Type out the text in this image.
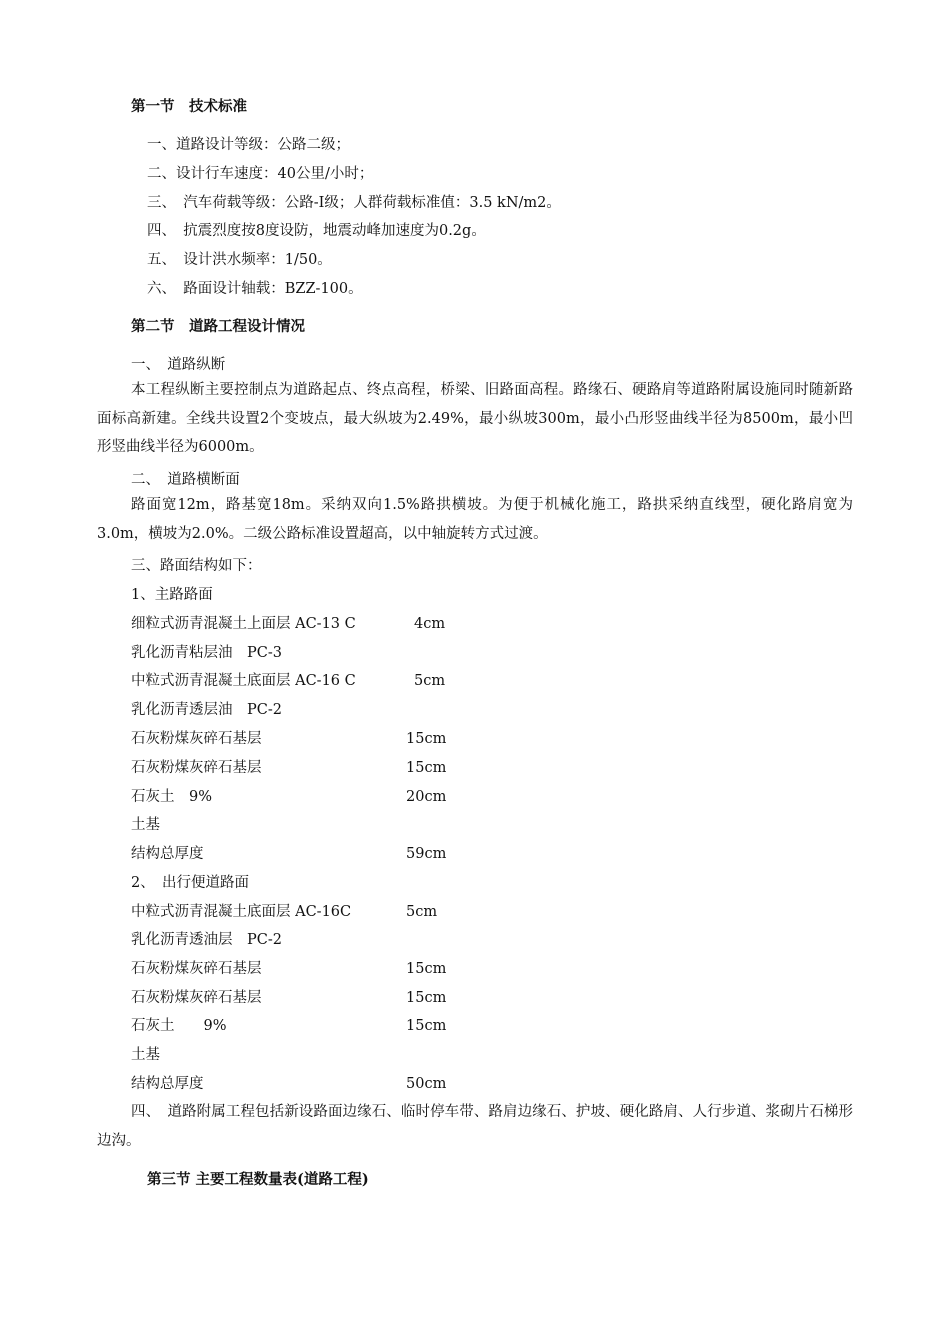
第一节　技术标准
一、道路设计等级：公路二级；
二、设计行车速度：40公里/小时；
三、　汽车荷载等级：公路-I级；人群荷载标准值：3.5 kN/m2。
四、　抗震烈度按8度设防，地震动峰加速度为0.2g。
五、　设计洪水频率：1/50。
六、　路面设计轴载：BZZ-100。
第二节　道路工程设计情况
一、　道路纵断
本工程纵断主要控制点为道路起点、终点高程，桥梁、旧路面高程。路缘石、硬路肩等道路附属设施同时随新路面标高新建。全线共设置2个变坡点，最大纵坡为2.49%，最小纵坡300m，最小凸形竖曲线半径为8500m，最小凹形竖曲线半径为6000m。
二、　道路横断面
路面宽12m，路基宽18m。采纳双向1.5%路拱横坡。为便于机械化施工，路拱采纳直线型，硬化路肩宽为3.0m，横坡为2.0%。二级公路标准设置超高，以中轴旋转方式过渡。
三、路面结构如下：
1、主路路面
细粒式沥青混凝土上面层 AC-13 C	4cm
乳化沥青粘层油　PC-3
中粒式沥青混凝土底面层 AC-16 C	5cm
乳化沥青透层油　PC-2
石灰粉煤灰碎石基层	15cm
石灰粉煤灰碎石基层	15cm
石灰土　9%	20cm
土基
结构总厚度	59cm
2、　出行便道路面
中粒式沥青混凝土底面层 AC-16C	5cm
乳化沥青透油层　PC-2
石灰粉煤灰碎石基层	15cm
石灰粉煤灰碎石基层	15cm
石灰土　　9%	15cm
土基
结构总厚度	50cm
四、　道路附属工程包括新设路面边缘石、临时停车带、路肩边缘石、护坡、硬化路肩、人行步道、浆砌片石梯形边沟。
第三节 主要工程数量表(道路工程)
